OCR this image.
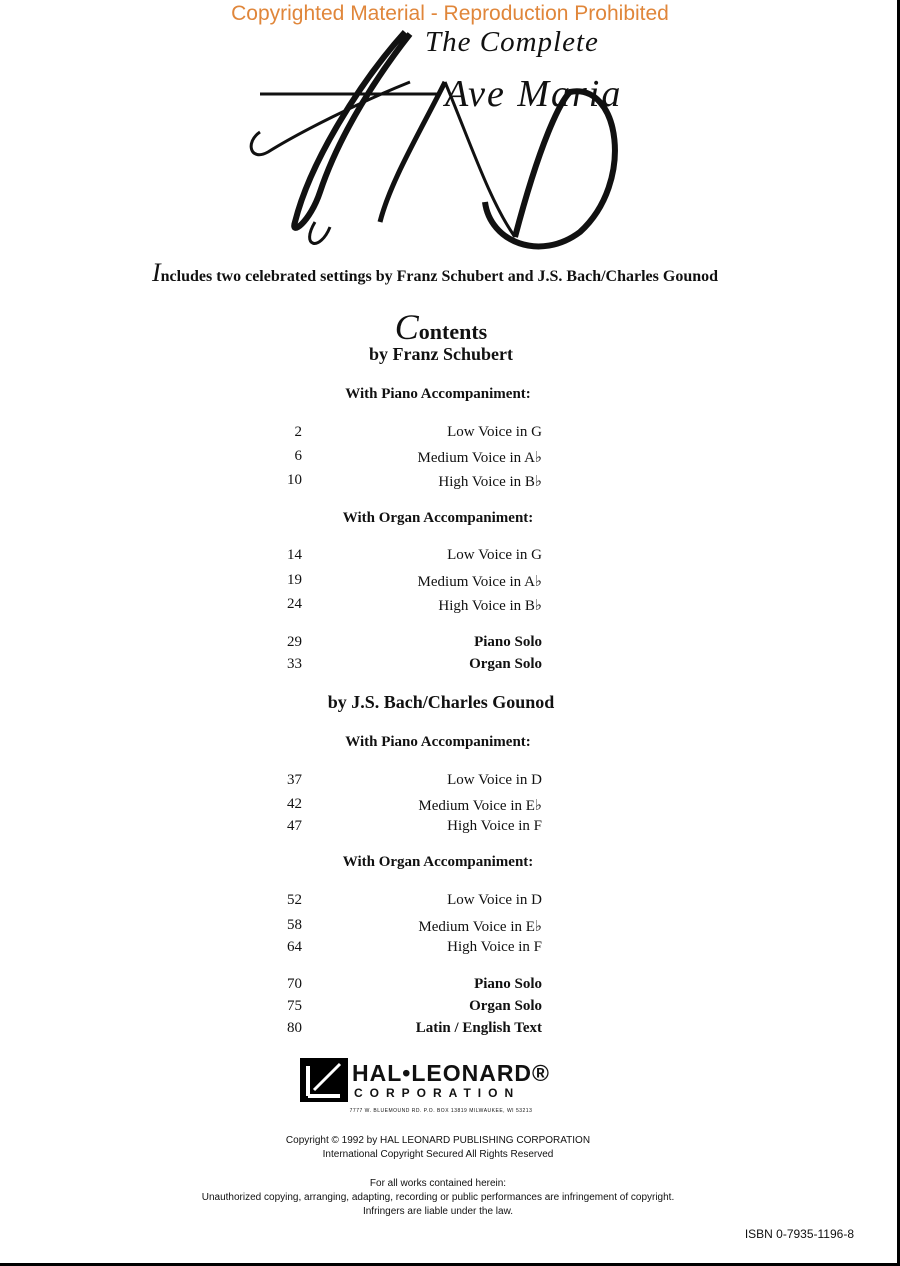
Copyrighted Material - Reproduction Prohibited
The Complete
Ave Maria
Includes two celebrated settings by Franz Schubert and J.S. Bach/Charles Gounod
Contents
by Franz Schubert
With Piano Accompaniment:
2	Low Voice in G
6	Medium Voice in A♭
10	High Voice in B♭
With Organ Accompaniment:
14	Low Voice in G
19	Medium Voice in A♭
24	High Voice in B♭
29	Piano Solo
33	Organ Solo
by J.S. Bach/Charles Gounod
With Piano Accompaniment:
37	Low Voice in D
42	Medium Voice in E♭
47	High Voice in F
With Organ Accompaniment:
52	Low Voice in D
58	Medium Voice in E♭
64	High Voice in F
70	Piano Solo
75	Organ Solo
80	Latin / English Text
HAL•LEONARD®
CORPORATION
7777 W. BLUEMOUND RD. P.O. BOX 13819 MILWAUKEE, WI 53213
Copyright © 1992 by HAL LEONARD PUBLISHING CORPORATION
International Copyright Secured All Rights Reserved
For all works contained herein:
Unauthorized copying, arranging, adapting, recording or public performances are infringement of copyright.
Infringers are liable under the law.
ISBN 0-7935-1196-8
